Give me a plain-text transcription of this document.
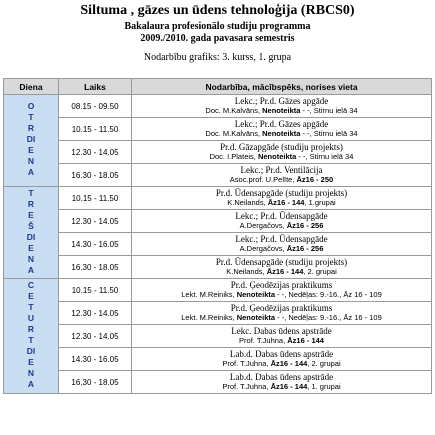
Siltuma , gāzes un ūdens tehnoloģija (RBCS0)
Bakalaura profesionālo studiju programma
2009./2010. gada pavasara semestris
Nodarbību grafiks: 3. kurss, 1. grupa
Diena	Laiks	Nodarbība, mācībspēks, norises vieta
OTRDIENA	08.15 - 09.50	Lekc.; Pr.d. Gāzes apgāde
Doc. M.Kalvāns, Nenoteikta - -, Stirnu ielā 34

	10.15 - 11.50	Lekc.; Pr.d. Gāzes apgāde
Doc. M.Kalvāns, Nenoteikta - -, Stirnu ielā 34

	12.30 - 14.05	Pr.d. Gāzapgāde (studiju projekts)
Doc. I.Plateis, Nenoteikta - -, Stirnu ielā 34

	16.30 - 18.05	Lekc.; Pr.d. Ventilācija
Asoc.prof. U.Pelīte, Āz16 - 250

TREŠDIENA	10.15 - 11.50	Pr.d. Ūdensapgāde (studiju projekts)
K.Neilands, Āz16 - 144, 1.grupai

	12.30 - 14.05	Lekc.; Pr.d. Ūdensapgāde
A.Dergačovs, Āz16 - 256

	14.30 - 16.05	Lekc.; Pr.d. Ūdensapgāde
A.Dergačovs, Āz16 - 256

	16.30 - 18.05	Pr.d. Ūdensapgāde (studiju projekts)
K.Neilands, Āz16 - 144, 2. grupai

CETURTDIENA	10.15 - 11.50	Pr.d. Ģeodēzijas praktikums
Lekt. M.Reiniks, Nenoteikta - -, Nedēļas: 9.-16., Āz 16 - 109

	12.30 - 14.05	Pr.d. Ģeodēzijas praktikums
Lekt. M.Reiniks, Nenoteikta - -, Nedēļas: 9.-16., Āz 16 - 109

	12.30 - 14.05	Lekc. Dabas ūdens apstrāde
Prof. T.Juhna, Āz16 - 144

	14.30 - 16.05	Lab.d. Dabas ūdens apstrāde
Prof. T.Juhna, Āz16 - 144, 2. grupai

	16.30 - 18.05	Lab.d. Dabas ūdens apstrāde
Prof. T.Juhna, Āz16 - 144, 1. grupai
